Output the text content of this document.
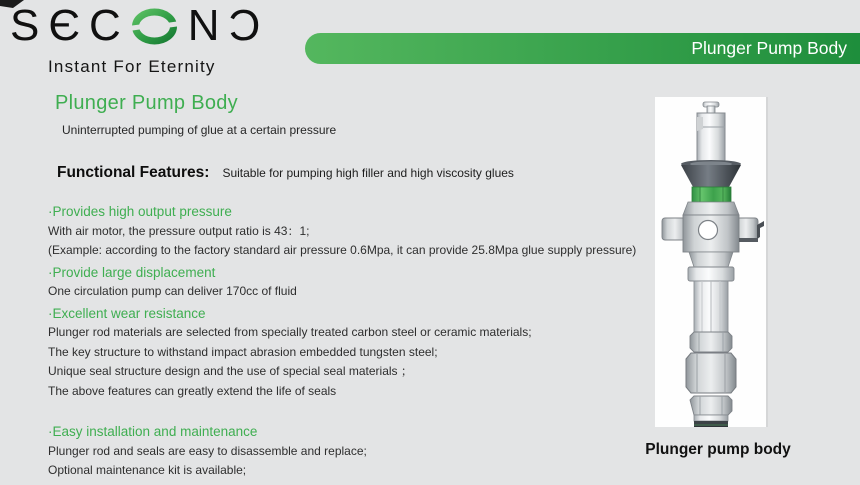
S Є C N Ɔ
Instant For Eternity
Plunger Pump Body
Plunger Pump Body

Uninterrupted pumping of glue at a certain pressure

Functional Features: Suitable for pumping high filler and high viscosity glues
·Provides high output pressure
With air motor, the pressure output ratio is 43：1;
(Example: according to the factory standard air pressure 0.6Mpa, it can provide 25.8Mpa glue supply pressure)
·Provide large displacement
One circulation pump can deliver 170cc of fluid
·Excellent wear resistance
Plunger rod materials are selected from specially treated carbon steel or ceramic materials;
The key structure to withstand impact abrasion embedded tungsten steel;
Unique seal structure design and the use of special seal materials ；
The above features can greatly extend the life of seals
·Easy installation and maintenance
Plunger rod and seals are easy to disassemble and replace;
Optional maintenance kit is available;
Plunger pump body
